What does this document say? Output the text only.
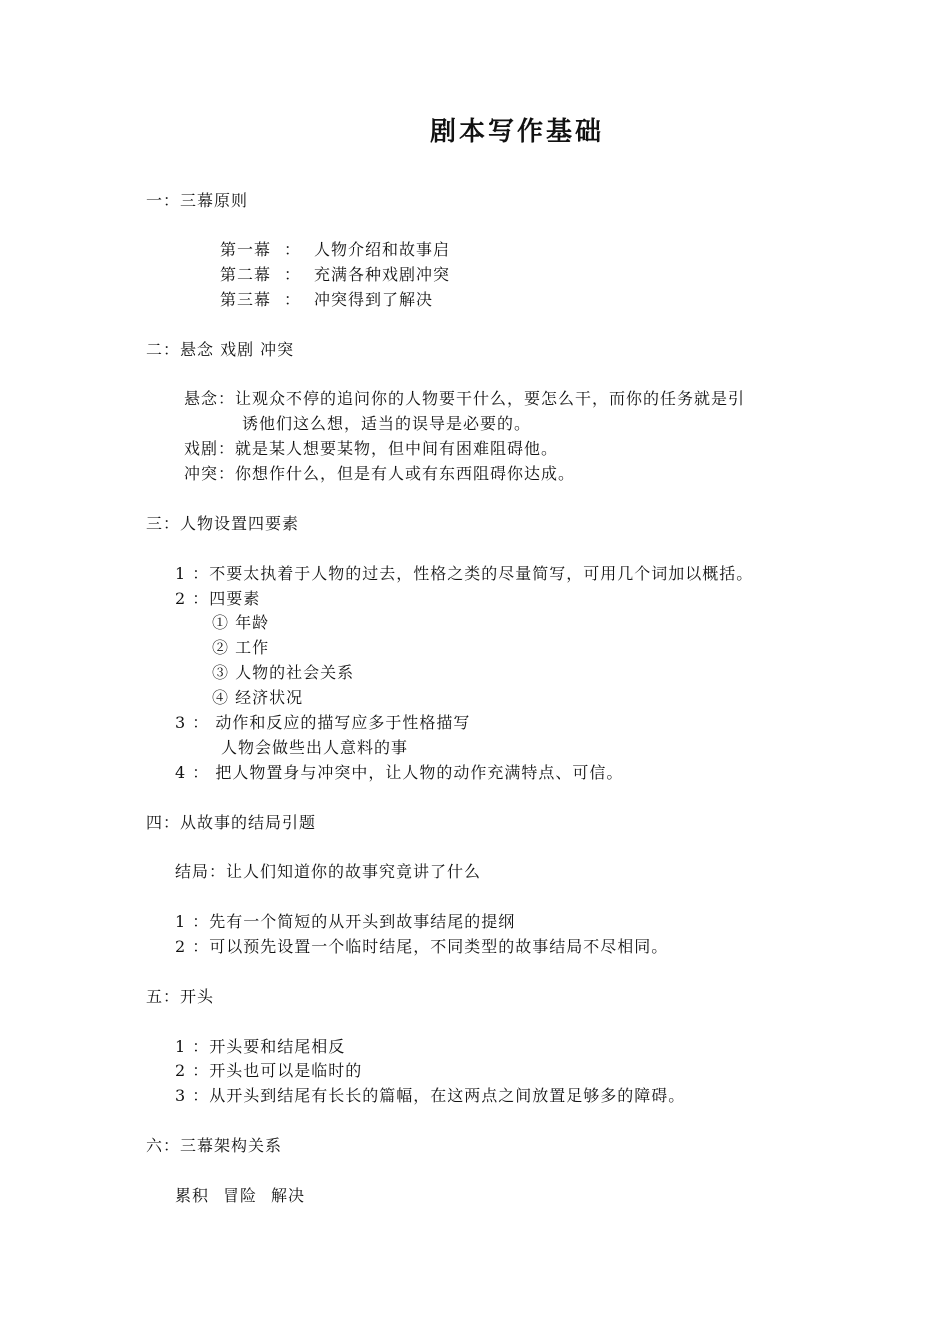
剧本写作基础

一：三幕原则

第一幕 ： 人物介绍和故事启

第二幕 ： 充满各种戏剧冲突

第三幕 ： 冲突得到了解决

二：悬念 戏剧 冲突

悬念：让观众不停的追问你的人物要干什么，要怎么干，而你的任务就是引

诱他们这么想，适当的误导是必要的。

戏剧：就是某人想要某物，但中间有困难阻碍他。

冲突：你想作什么，但是有人或有东西阻碍你达成。

三：人物设置四要素

1 ：不要太执着于人物的过去，性格之类的尽量简写，可用几个词加以概括。

2 ：四要素

① 年龄

② 工作

③ 人物的社会关系

④ 经济状况

3 ： 动作和反应的描写应多于性格描写

人物会做些出人意料的事

4 ： 把人物置身与冲突中，让人物的动作充满特点、可信。

四：从故事的结局引题

结局：让人们知道你的故事究竟讲了什么

1 ：先有一个简短的从开头到故事结尾的提纲

2 ：可以预先设置一个临时结尾，不同类型的故事结局不尽相同。

五：开头

1 ：开头要和结尾相反

2 ：开头也可以是临时的

3 ：从开头到结尾有长长的篇幅，在这两点之间放置足够多的障碍。

六：三幕架构关系

累积 冒险 解决
